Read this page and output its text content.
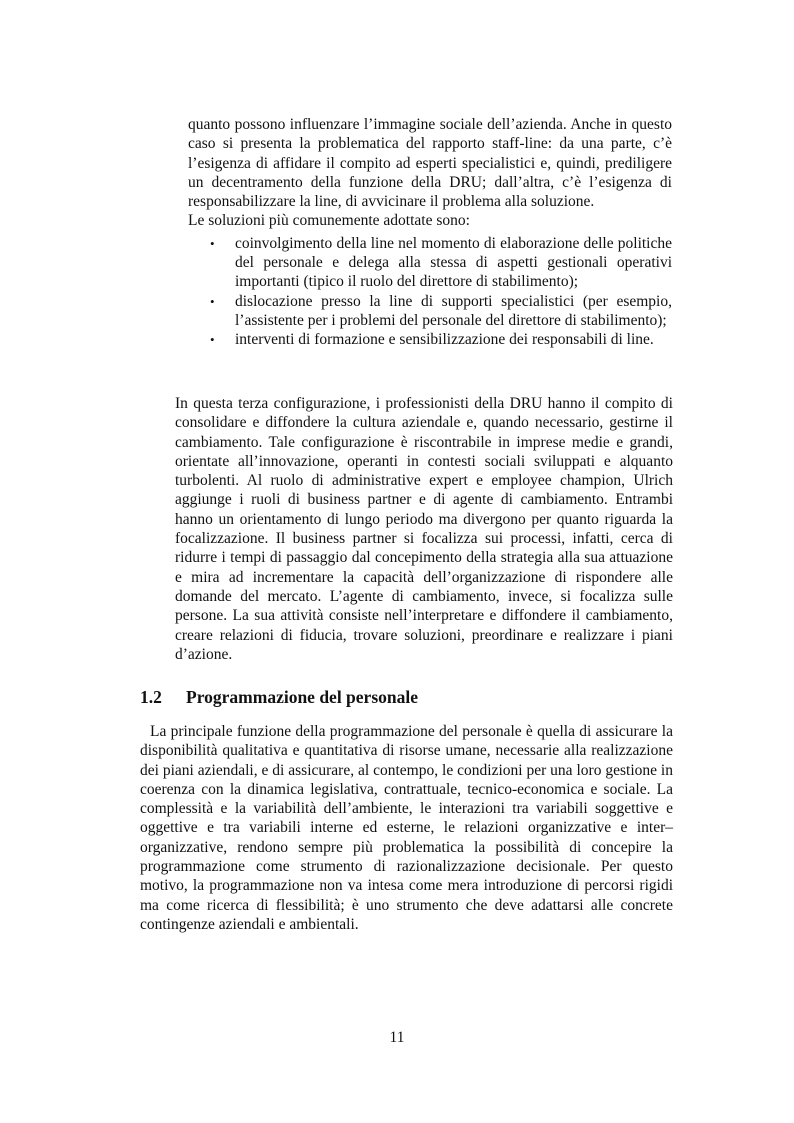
quanto possono influenzare l’immagine sociale dell’azienda. Anche in questo caso si presenta la problematica del rapporto staff-line: da una parte, c’è l’esigenza di affidare il compito ad esperti specialistici e, quindi, prediligere un decentramento della funzione della DRU; dall’altra, c’è l’esigenza di responsabilizzare la line, di avvicinare il problema alla soluzione.

Le soluzioni più comunemente adottate sono:

• coinvolgimento della line nel momento di elaborazione delle politiche del personale e delega alla stessa di aspetti gestionali operativi importanti (tipico il ruolo del direttore di stabilimento);
• dislocazione presso la line di supporti specialistici (per esempio, l’assistente per i problemi del personale del direttore di stabilimento);
• interventi di formazione e sensibilizzazione dei responsabili di line.

In questa terza configurazione, i professionisti della DRU hanno il compito di consolidare e diffondere la cultura aziendale e, quando necessario, gestirne il cambiamento. Tale configurazione è riscontrabile in imprese medie e grandi, orientate all’innovazione, operanti in contesti sociali sviluppati e alquanto turbolenti. Al ruolo di administrative expert e employee champion, Ulrich aggiunge i ruoli di business partner e di agente di cambiamento. Entrambi hanno un orientamento di lungo periodo ma divergono per quanto riguarda la focalizzazione. Il business partner si focalizza sui processi, infatti, cerca di ridurre i tempi di passaggio dal concepimento della strategia alla sua attuazione e mira ad incrementare la capacità dell’organizzazione di rispondere alle domande del mercato. L’agente di cambiamento, invece, si focalizza sulle persone. La sua attività consiste nell’interpretare e diffondere il cambiamento, creare relazioni di fiducia, trovare soluzioni, preordinare e realizzare i piani d’azione.

1.2 Programmazione del personale

La principale funzione della programmazione del personale è quella di assicurare la disponibilità qualitativa e quantitativa di risorse umane, necessarie alla realizzazione dei piani aziendali, e di assicurare, al contempo, le condizioni per una loro gestione in coerenza con la dinamica legislativa, contrattuale, tecnico-economica e sociale. La complessità e la variabilità dell’ambiente, le interazioni tra variabili soggettive e oggettive e tra variabili interne ed esterne, le relazioni organizzative e inter–organizzative, rendono sempre più problematica la possibilità di concepire la programmazione come strumento di razionalizzazione decisionale. Per questo motivo, la programmazione non va intesa come mera introduzione di percorsi rigidi ma come ricerca di flessibilità; è uno strumento che deve adattarsi alle concrete contingenze aziendali e ambientali.

11
